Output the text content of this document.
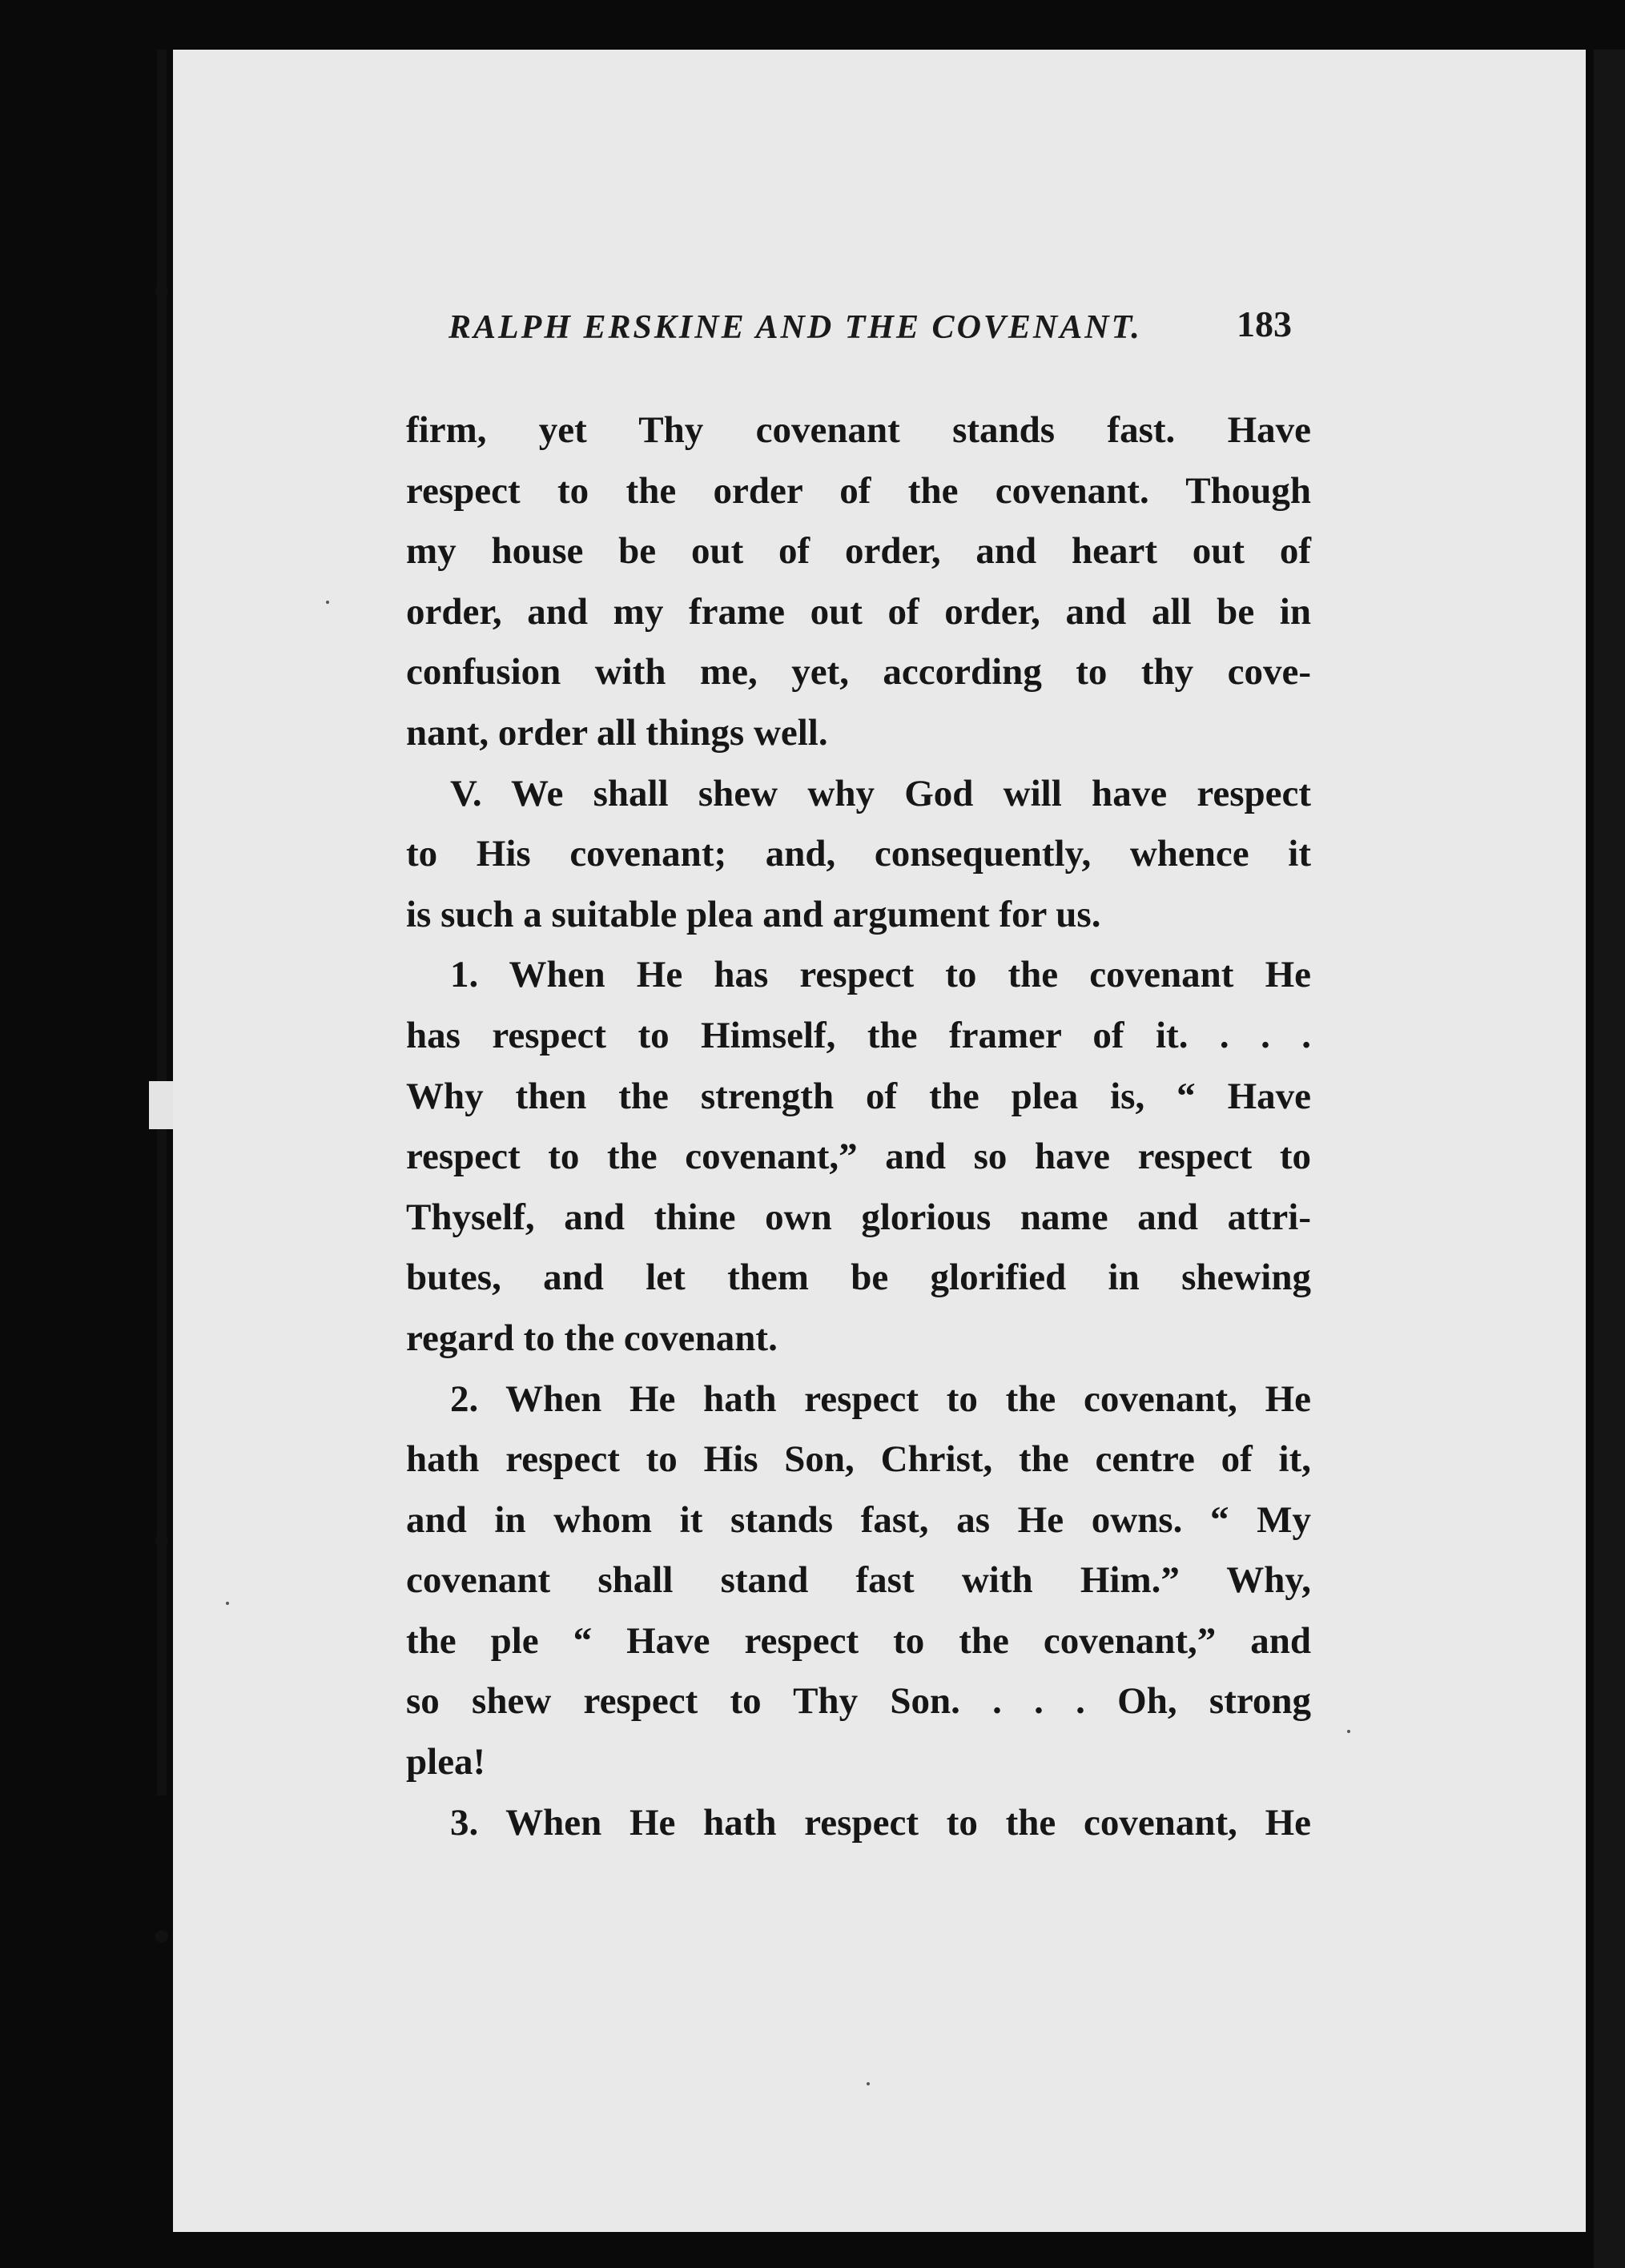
RALPH ERSKINE AND THE COVENANT.	183
firm, yet Thy covenant stands fast. Have
respect to the order of the covenant. Though
my house be out of order, and heart out of
order, and my frame out of order, and all be in
confusion with me, yet, according to thy cove-
nant, order all things well.
V. We shall shew why God will have respect
to His covenant; and, consequently, whence it
is such a suitable plea and argument for us.
1. When He has respect to the covenant He
has respect to Himself, the framer of it. . . .
Why then the strength of the plea is, “ Have
respect to the covenant,” and so have respect to
Thyself, and thine own glorious name and attri-
butes, and let them be glorified in shewing
regard to the covenant.
2. When He hath respect to the covenant, He
hath respect to His Son, Christ, the centre of it,
and in whom it stands fast, as He owns. “ My
covenant shall stand fast with Him.” Why,
the ple “ Have respect to the covenant,” and
so shew respect to Thy Son. . . . Oh, strong
plea!
3. When He hath respect to the covenant, He
